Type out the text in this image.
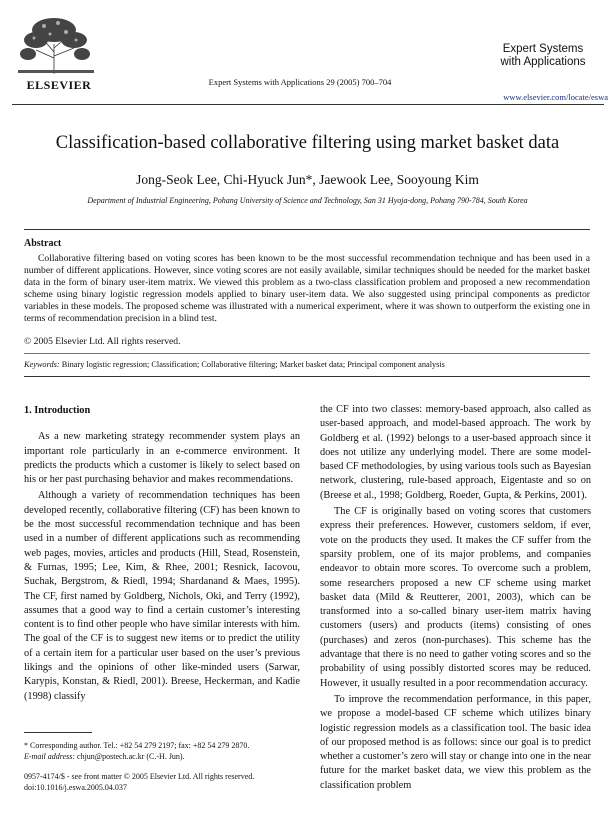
ELSEVIER	Expert Systems with Applications 29 (2005) 700–704
Expert Systems
with Applications
www.elsevier.com/locate/eswa
Classification-based collaborative filtering using market basket data
Jong-Seok Lee, Chi-Hyuck Jun*, Jaewook Lee, Sooyoung Kim
Department of Industrial Engineering, Pohang University of Science and Technology, San 31 Hyoja-dong, Pohang 790-784, South Korea
Abstract

Collaborative filtering based on voting scores has been known to be the most successful recommendation technique and has been used in a number of different applications. However, since voting scores are not easily available, similar techniques should be needed for the market basket data in the form of binary user-item matrix. We viewed this problem as a two-class classification problem and proposed a new recommendation scheme using binary logistic regression models applied to binary user-item data. We also suggested using principal components as predictor variables in these models. The proposed scheme was illustrated with a numerical experiment, where it was shown to outperform the existing one in terms of recommendation precision in a blind test.

© 2005 Elsevier Ltd. All rights reserved.
Keywords: Binary logistic regression; Classification; Collaborative filtering; Market basket data; Principal component analysis

1. Introduction

As a new marketing strategy recommender system plays an important role particularly in an e-commerce environment. It predicts the products which a customer is likely to select based on his or her past purchasing behavior and makes recommendations.

Although a variety of recommendation techniques has been developed recently, collaborative filtering (CF) has been known to be the most successful recommendation technique and has been used in a number of different applications such as recommending web pages, movies, articles and products (Hill, Stead, Rosenstein, & Furnas, 1995; Lee, Kim, & Rhee, 2001; Resnick, Iacovou, Suchak, Bergstrom, & Riedl, 1994; Shardanand & Maes, 1995). The CF, first named by Goldberg, Nichols, Oki, and Terry (1992), assumes that a good way to find a certain customer’s interesting content is to find other people who have similar interests with him. The goal of the CF is to suggest new items or to predict the utility of a certain item for a particular user based on the user’s previous likings and the opinions of other like-minded users (Sarwar, Karypis, Konstan, & Riedl, 2001). Breese, Heckerman, and Kadie (1998) classify

the CF into two classes: memory-based approach, also called as user-based approach, and model-based approach. The work by Goldberg et al. (1992) belongs to a user-based approach since it does not utilize any underlying model. There are some model-based CF methodologies, by using various tools such as Bayesian network, clustering, rule-based approach, Eigentaste and so on (Breese et al., 1998; Goldberg, Roeder, Gupta, & Perkins, 2001).

The CF is originally based on voting scores that customers express their preferences. However, customers seldom, if ever, vote on the products they used. It makes the CF suffer from the sparsity problem, one of its major problems, and companies endeavor to obtain more scores. To overcome such a problem, some researchers proposed a new CF scheme using market basket data (Mild & Reutterer, 2001, 2003), which can be transformed into a so-called binary user-item matrix having customers (users) and products (items) consisting of ones (purchases) and zeros (non-purchases). This scheme has the advantage that there is no need to gather voting scores and so the probability of using possibly distorted scores may be reduced. However, it usually resulted in a poor recommendation accuracy.

To improve the recommendation performance, in this paper, we propose a model-based CF scheme which utilizes binary logistic regression models as a classification tool. The basic idea of our proposed method is as follows: since our goal is to predict whether a customer’s zero will stay or change into one in the near future for the market basket data, we view this problem as the classification problem

* Corresponding author. Tel.: +82 54 279 2197; fax: +82 54 279 2870.
E-mail address: chjun@postech.ac.kr (C.-H. Jun).
0957-4174/$ - see front matter © 2005 Elsevier Ltd. All rights reserved.
doi:10.1016/j.eswa.2005.04.037
